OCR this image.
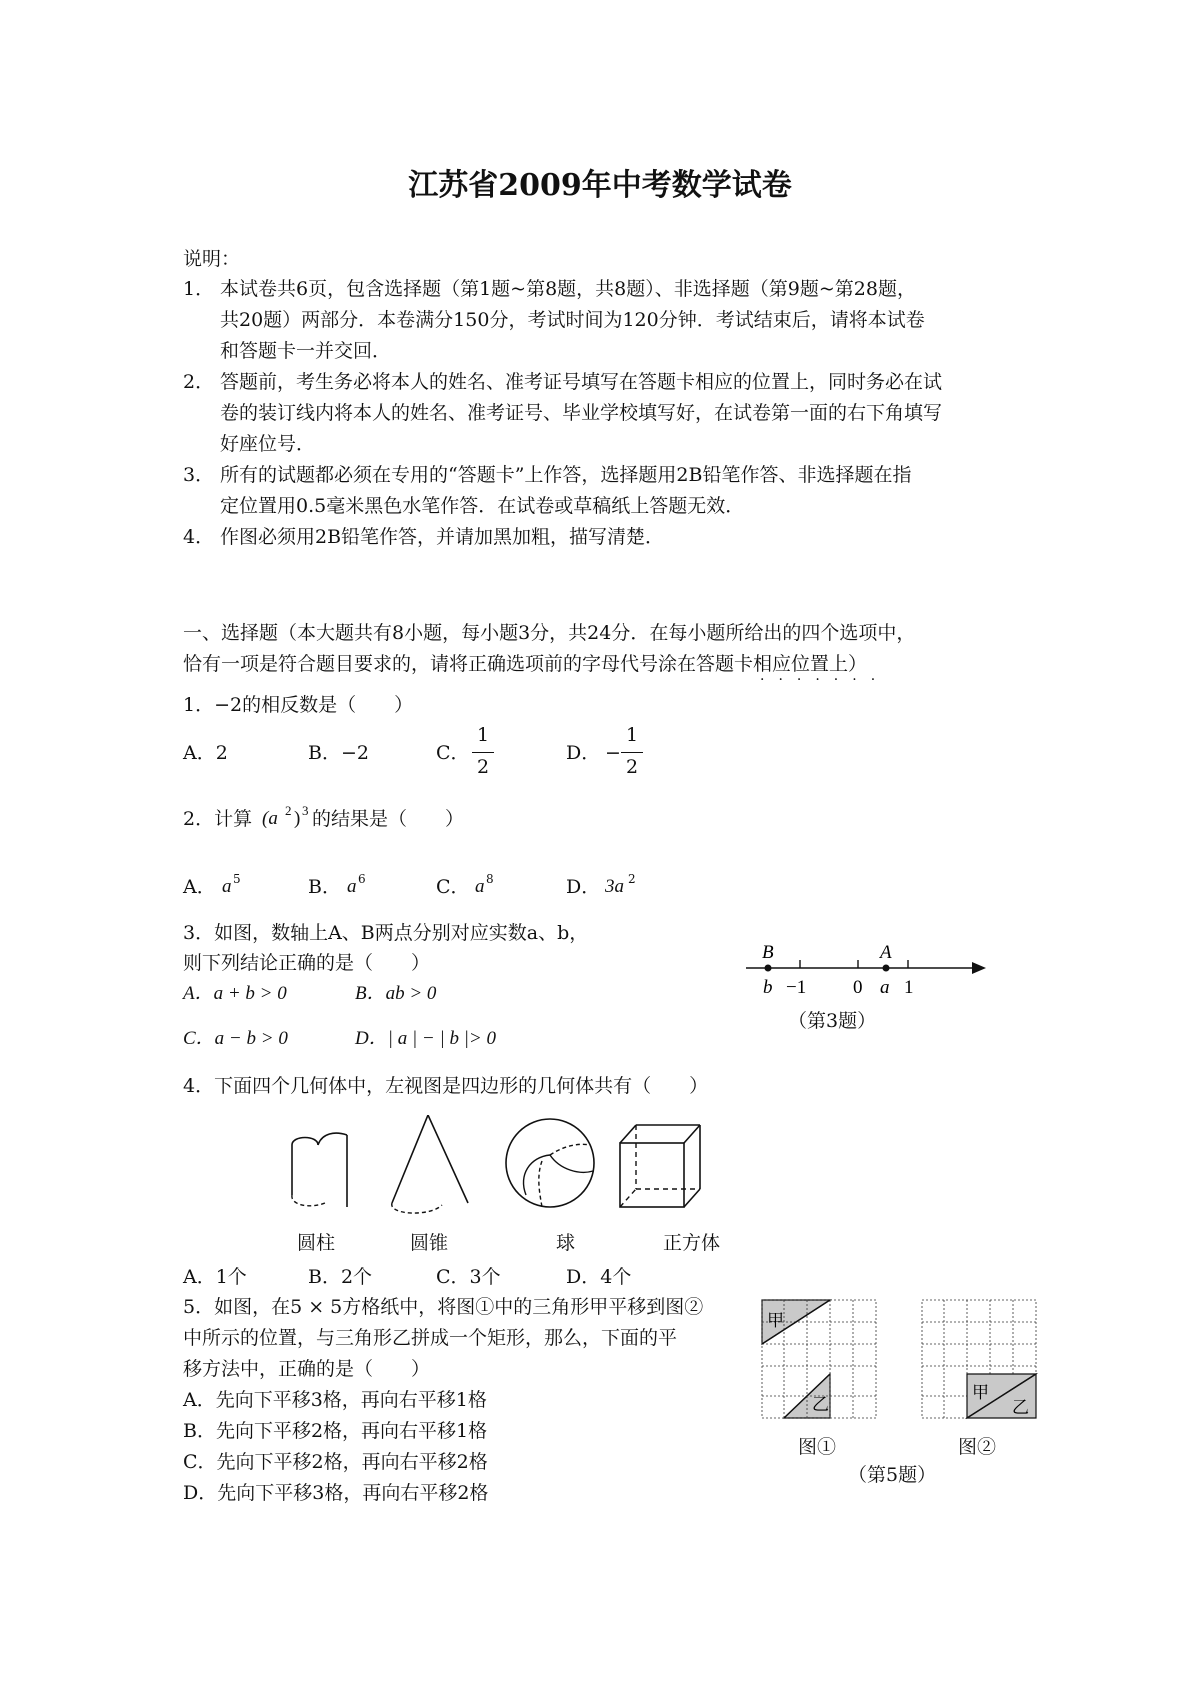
江苏省2009年中考数学试卷
说明：
1． 本试卷共6页，包含选择题（第1题~第8题，共8题）、非选择题（第9题~第28题，
共20题）两部分．本卷满分150分，考试时间为120分钟．考试结束后，请将本试卷
和答题卡一并交回．
2． 答题前，考生务必将本人的姓名、准考证号填写在答题卡相应的位置上，同时务必在试
卷的装订线内将本人的姓名、准考证号、毕业学校填写好，在试卷第一面的右下角填写
好座位号．
3． 所有的试题都必须在专用的“答题卡”上作答，选择题用2B铅笔作答、非选择题在指
定位置用0.5毫米黑色水笔作答．在试卷或草稿纸上答题无效．
4． 作图必须用2B铅笔作答，并请加黑加粗，描写清楚．
一、选择题（本大题共有8小题，每小题3分，共24分．在每小题所给出的四个选项中，
恰有一项是符合题目要求的，请将正确选项前的字母代号涂在答题卡相应位置上）
·······
1．−2的相反数是（　　）
A．2	B．−2	C．
1
2
D． −
1
2
2．计算 (a 2 ) 3 的结果是（　　）
A． a 5	B． a 6	C． a 8	D． 3a 2
3．如图，数轴上A、B两点分别对应实数a、b，
则下列结论正确的是（　　）
A．a + b > 0	B．ab > 0
C．a − b > 0	D．| a | − | b |> 0
B	A
b −1 0 a 1
（第3题）
4．下面四个几何体中，左视图是四边形的几何体共有（　　）
圆柱	圆锥	球	正方体
A．1个	B．2个	C．3个	D．4个
5．如图，在5 × 5方格纸中，将图①中的三角形甲平移到图②
中所示的位置，与三角形乙拼成一个矩形，那么，下面的平
移方法中，正确的是（　　）
A．先向下平移3格，再向右平移1格
B．先向下平移2格，再向右平移1格
C．先向下平移2格，再向右平移2格
D．先向下平移3格，再向右平移2格
甲
乙
甲
乙
图①	图②
（第5题）
